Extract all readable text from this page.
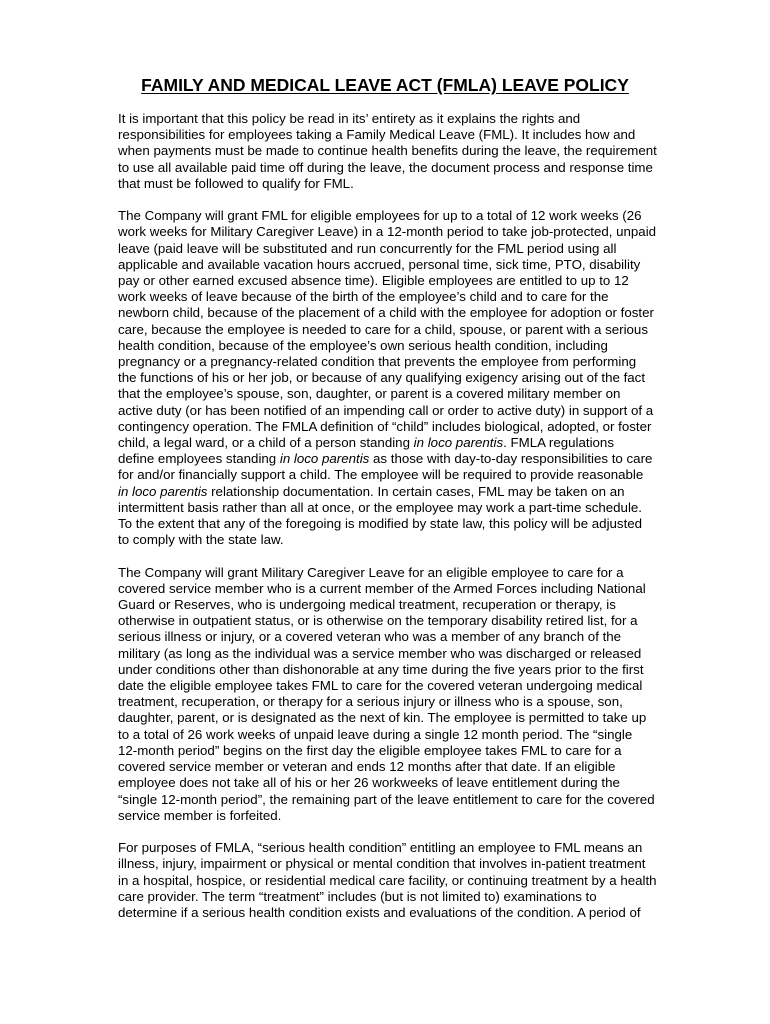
FAMILY AND MEDICAL LEAVE ACT (FMLA) LEAVE POLICY
It is important that this policy be read in its’ entirety as it explains the rights and
responsibilities for employees taking a Family Medical Leave (FML). It includes how and
when payments must be made to continue health benefits during the leave, the requirement
to use all available paid time off during the leave, the document process and response time
that must be followed to qualify for FML.
The Company will grant FML for eligible employees for up to a total of 12 work weeks (26
work weeks for Military Caregiver Leave) in a 12-month period to take job-protected, unpaid
leave (paid leave will be substituted and run concurrently for the FML period using all
applicable and available vacation hours accrued, personal time, sick time, PTO, disability
pay or other earned excused absence time). Eligible employees are entitled to up to 12
work weeks of leave because of the birth of the employee’s child and to care for the
newborn child, because of the placement of a child with the employee for adoption or foster
care, because the employee is needed to care for a child, spouse, or parent with a serious
health condition, because of the employee’s own serious health condition, including
pregnancy or a pregnancy-related condition that prevents the employee from performing
the functions of his or her job, or because of any qualifying exigency arising out of the fact
that the employee’s spouse, son, daughter, or parent is a covered military member on
active duty (or has been notified of an impending call or order to active duty) in support of a
contingency operation. The FMLA definition of “child” includes biological, adopted, or foster
child, a legal ward, or a child of a person standing in loco parentis. FMLA regulations
define employees standing in loco parentis as those with day-to-day responsibilities to care
for and/or financially support a child. The employee will be required to provide reasonable
in loco parentis relationship documentation. In certain cases, FML may be taken on an
intermittent basis rather than all at once, or the employee may work a part-time schedule.
To the extent that any of the foregoing is modified by state law, this policy will be adjusted
to comply with the state law.
The Company will grant Military Caregiver Leave for an eligible employee to care for a
covered service member who is a current member of the Armed Forces including National
Guard or Reserves, who is undergoing medical treatment, recuperation or therapy, is
otherwise in outpatient status, or is otherwise on the temporary disability retired list, for a
serious illness or injury, or a covered veteran who was a member of any branch of the
military (as long as the individual was a service member who was discharged or released
under conditions other than dishonorable at any time during the five years prior to the first
date the eligible employee takes FML to care for the covered veteran undergoing medical
treatment, recuperation, or therapy for a serious injury or illness who is a spouse, son,
daughter, parent, or is designated as the next of kin. The employee is permitted to take up
to a total of 26 work weeks of unpaid leave during a single 12 month period. The “single
12-month period” begins on the first day the eligible employee takes FML to care for a
covered service member or veteran and ends 12 months after that date. If an eligible
employee does not take all of his or her 26 workweeks of leave entitlement during the
“single 12-month period”, the remaining part of the leave entitlement to care for the covered
service member is forfeited.
For purposes of FMLA, “serious health condition” entitling an employee to FML means an
illness, injury, impairment or physical or mental condition that involves in-patient treatment
in a hospital, hospice, or residential medical care facility, or continuing treatment by a health
care provider. The term “treatment” includes (but is not limited to) examinations to
determine if a serious health condition exists and evaluations of the condition. A period of
